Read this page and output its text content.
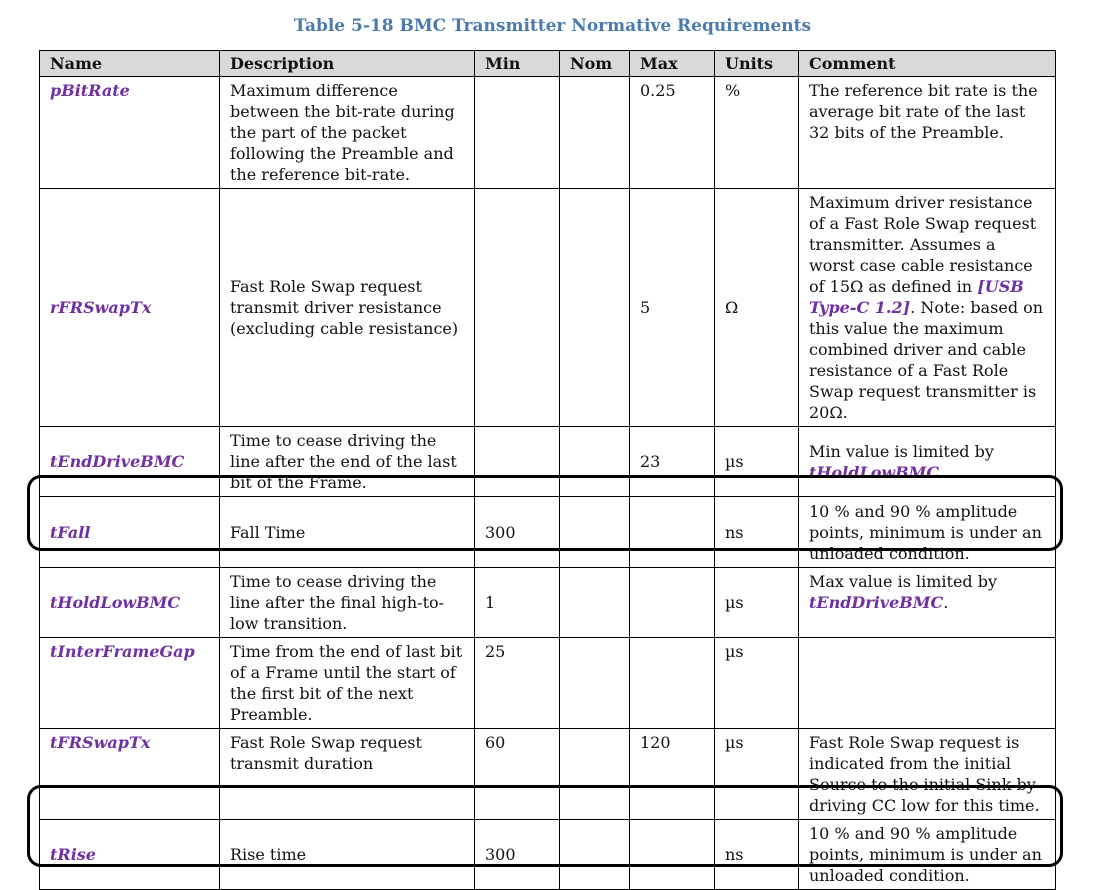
Table 5-18 BMC Transmitter Normative Requirements
Name	Description	Min	Nom	Max	Units	Comment
pBitRate	Maximum difference between the bit-rate during the part of the packet following the Preamble and the reference bit-rate.			0.25	%	The reference bit rate is the average bit rate of the last 32 bits of the Preamble.
rFRSwapTx	Fast Role Swap request transmit driver resistance (excluding cable resistance)			5	Ω	Maximum driver resistance of a Fast Role Swap request transmitter. Assumes a worst case cable resistance of 15Ω as defined in [USB Type-C 1.2]. Note: based on this value the maximum combined driver and cable resistance of a Fast Role Swap request transmitter is 20Ω.
tEndDriveBMC	Time to cease driving the line after the end of the last bit of the Frame.			23	µs	Min value is limited by tHoldLowBMC.
tFall	Fall Time	300			ns	10 % and 90 % amplitude points, minimum is under an unloaded condition.
tHoldLowBMC	Time to cease driving the line after the final high-to-low transition.	1			µs	Max value is limited by tEndDriveBMC.
tInterFrameGap	Time from the end of last bit of a Frame until the start of the first bit of the next Preamble.	25			µs	
tFRSwapTx	Fast Role Swap request transmit duration	60		120	µs	Fast Role Swap request is indicated from the initial Source to the initial Sink by driving CC low for this time.
tRise	Rise time	300			ns	10 % and 90 % amplitude points, minimum is under an unloaded condition.
